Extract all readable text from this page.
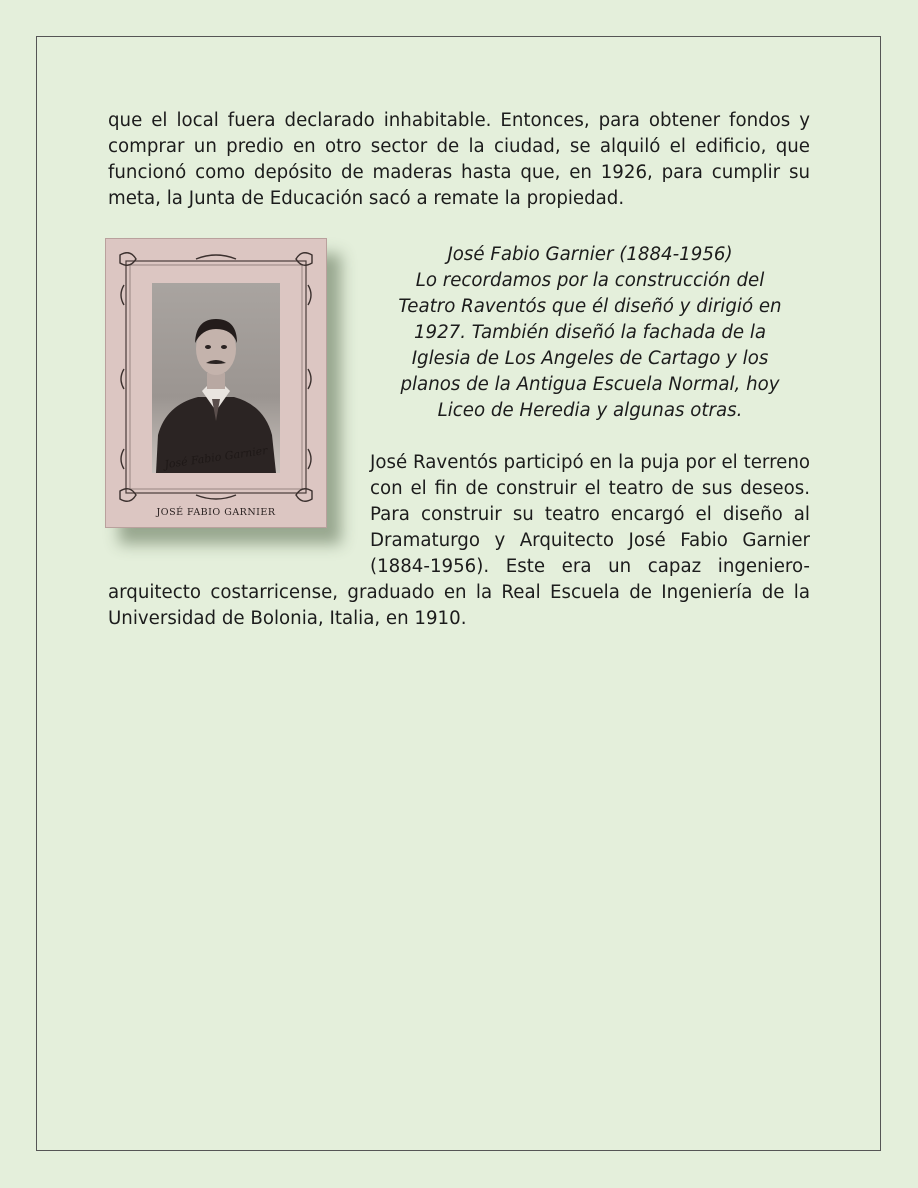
que el local fuera declarado inhabitable. Entonces, para obtener fondos y comprar un predio en otro sector de la ciudad, se alquiló el edificio, que funcionó como depósito de maderas hasta que, en 1926, para cumplir su meta, la Junta de Educación sacó a remate la propiedad.

José Fabio Garnier
JOSÉ FABIO GARNIER
José Fabio Garnier (1884-1956)
Lo recordamos por la construcción del
Teatro Raventós que él diseñó y dirigió en
1927. También diseñó la fachada de la
Iglesia de Los Angeles de Cartago y los
planos de la Antigua Escuela Normal, hoy
Liceo de Heredia y algunas otras.

José Raventós participó en la puja por el terreno con el fin de construir el teatro de sus deseos. Para construir su teatro encargó el diseño al Dramaturgo y Arquitecto José Fabio Garnier (1884-1956). Este era un capaz ingeniero-arquitecto costarricense, graduado en la Real Escuela de Ingeniería de la Universidad de Bolonia, Italia, en 1910.
